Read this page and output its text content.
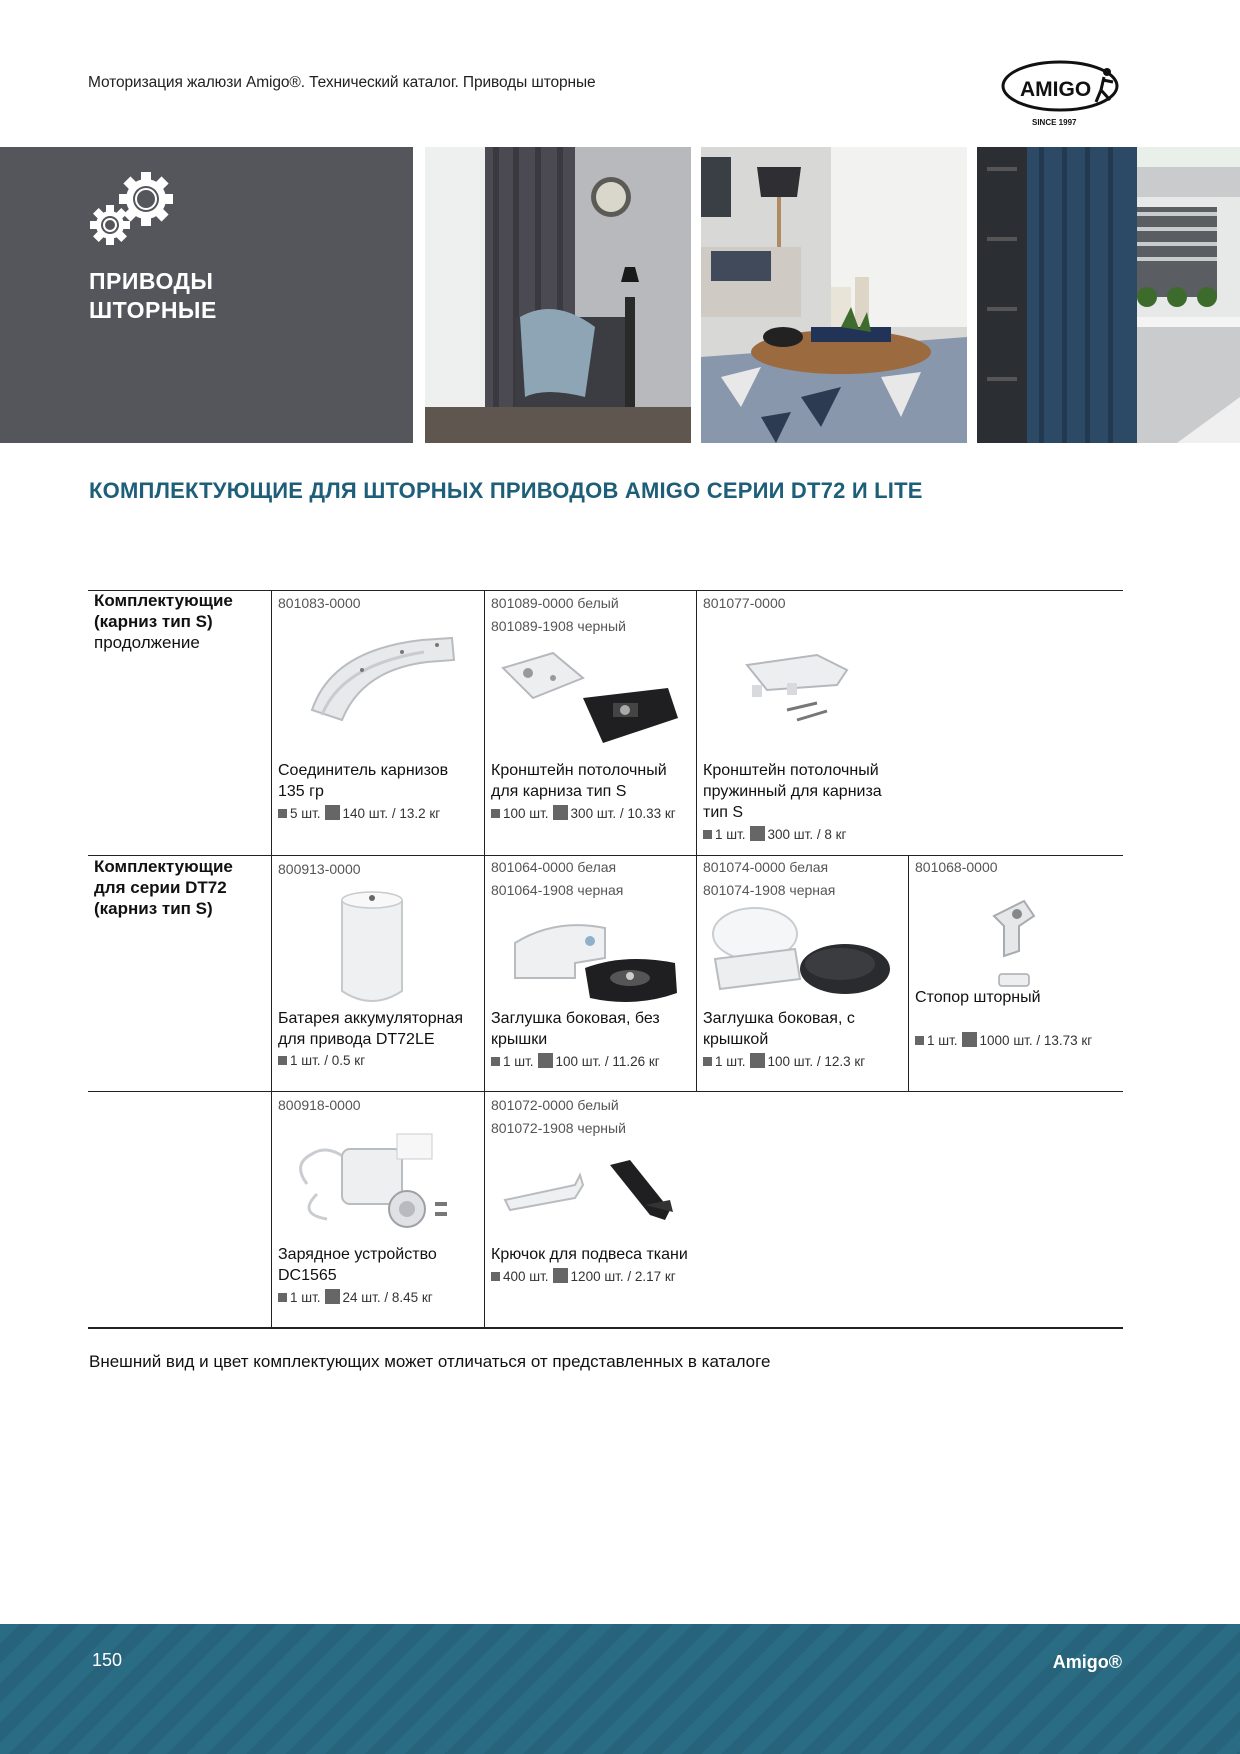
Моторизация жалюзи Amigo®. Технический каталог. Приводы шторные	AMIGO
SINCE 1997
ПРИВОДЫ
ШТОРНЫЕ
КОМПЛЕКТУЮЩИЕ ДЛЯ ШТОРНЫХ ПРИВОДОВ AMIGO СЕРИИ DT72 И LITE
Комплектующие (карниз тип S)
продолжение
801083-0000
Соединитель карнизов 135 гр
5 шт. 140 шт. / 13.2 кг
801089-0000 белый
801089-1908 черный
Кронштейн потолочный для карниза тип S
100 шт. 300 шт. / 10.33 кг
801077-0000
Кронштейн потолочный пружинный для карниза тип S
1 шт. 300 шт. / 8 кг
Комплектующие для серии DT72 (карниз тип S)
800913-0000
Батарея аккумуляторная для привода DT72LE
1 шт. / 0.5 кг
801064-0000 белая
801064-1908 черная
Заглушка боковая, без крышки
1 шт. 100 шт. / 11.26 кг
801074-0000 белая
801074-1908 черная
Заглушка боковая, с крышкой
1 шт. 100 шт. / 12.3 кг
801068-0000
Стопор шторный
1 шт. 1000 шт. / 13.73 кг
800918-0000
Зарядное устройство DC1565
1 шт. 24 шт. / 8.45 кг
801072-0000 белый
801072-1908 черный
Крючок для подвеса ткани
400 шт. 1200 шт. / 2.17 кг
Внешний вид и цвет комплектующих может отличаться от представленных в каталоге
150	Amigo®
